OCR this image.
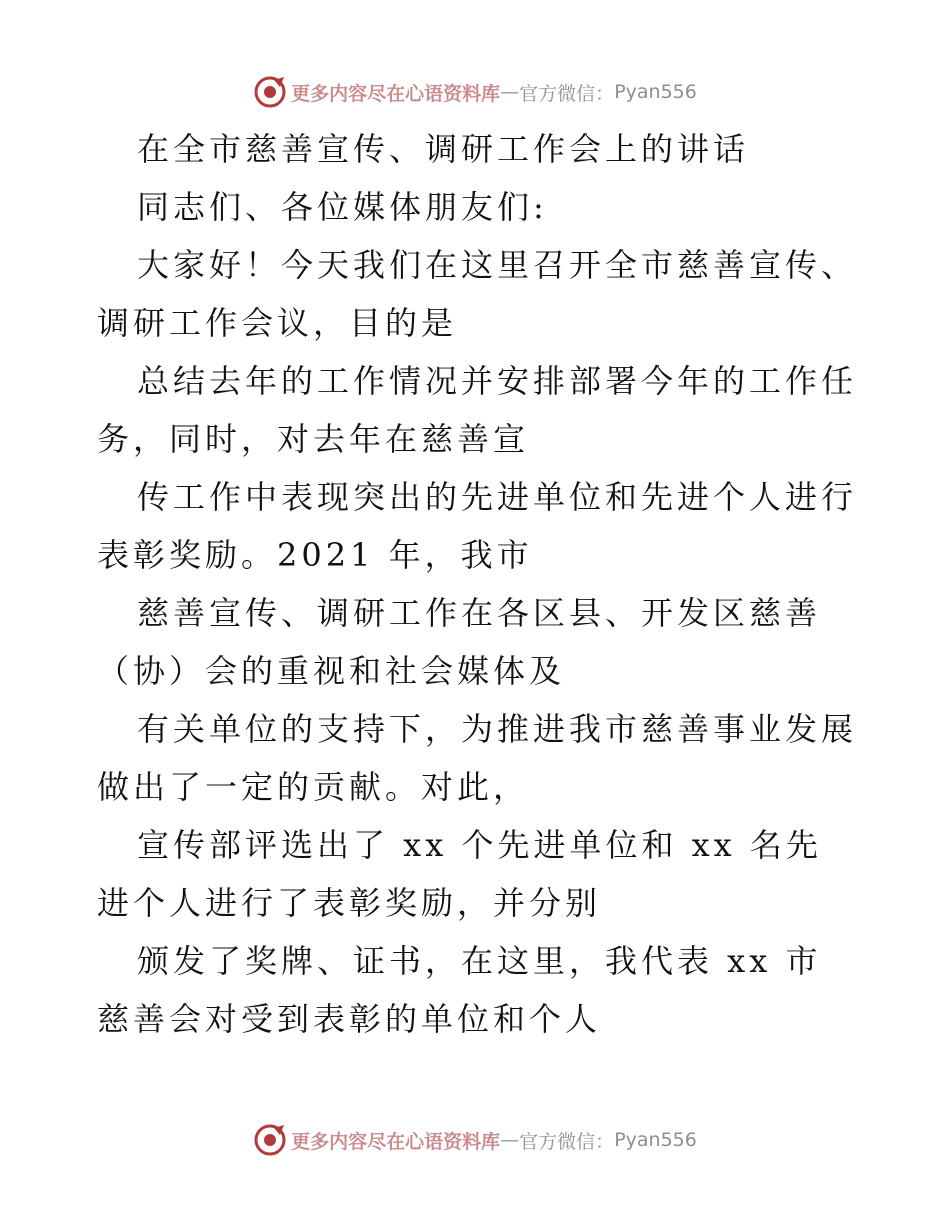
更多内容尽在心语资料库 — 官方微信： Pyan556

在全市慈善宣传、调研工作会上的讲话

同志们、各位媒体朋友们:

大家好！今天我们在这里召开全市慈善宣传、调研工作会议，目的是

总结去年的工作情况并安排部署今年的工作任务，同时，对去年在慈善宣

传工作中表现突出的先进单位和先进个人进行表彰奖励。2021 年，我市

慈善宣传、调研工作在各区县、开发区慈善（协）会的重视和社会媒体及

有关单位的支持下，为推进我市慈善事业发展做出了一定的贡献。对此，

宣传部评选出了 xx 个先进单位和 xx 名先进个人进行了表彰奖励，并分别

颁发了奖牌、证书，在这里，我代表 xx 市慈善会对受到表彰的单位和个人

更多内容尽在心语资料库 — 官方微信： Pyan556
